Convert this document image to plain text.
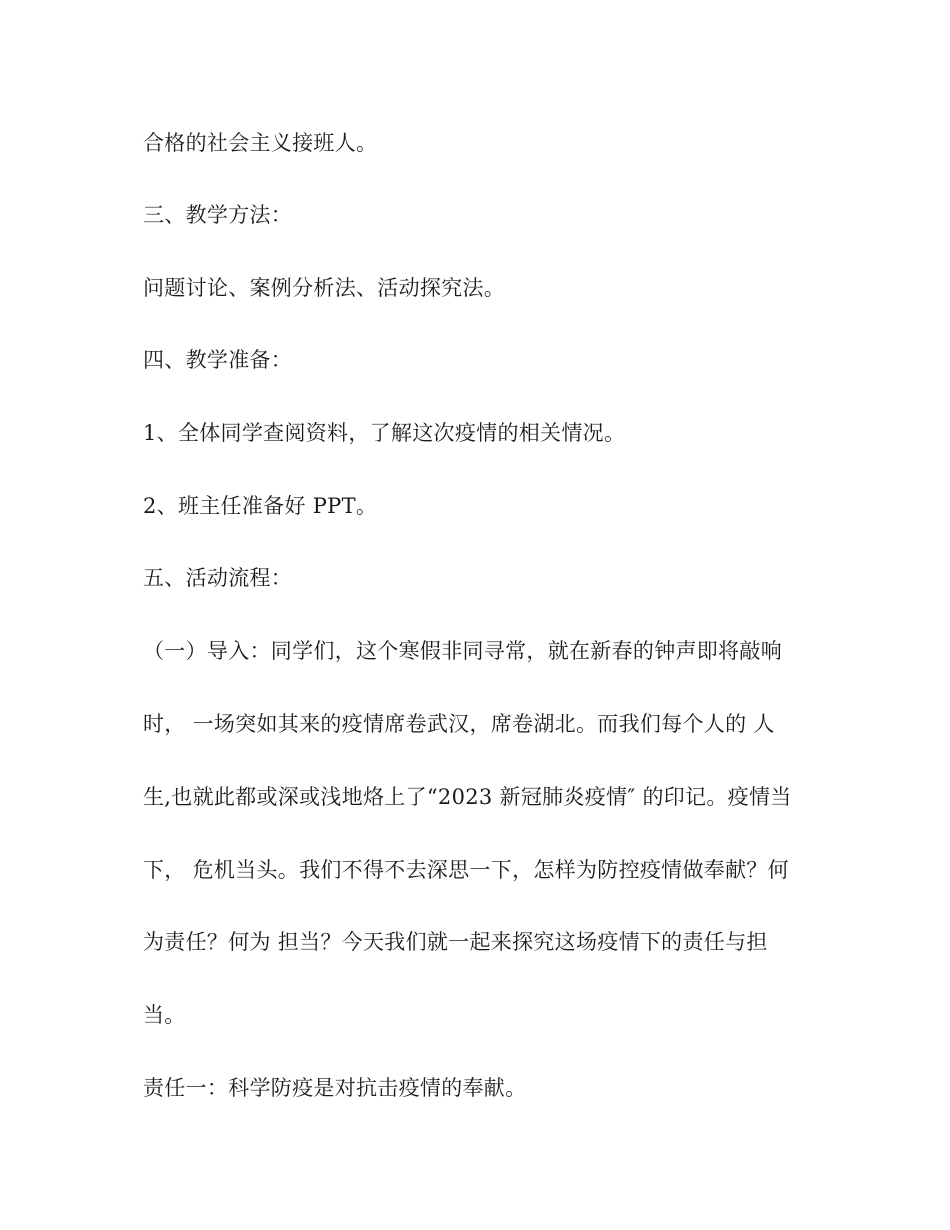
合格的社会主义接班人。
三、教学方法：
问题讨论、案例分析法、活动探究法。
四、教学准备：
1、全体同学查阅资料，了解这次疫情的相关情况。
2、班主任准备好 PPT。
五、活动流程：
（一）导入：同学们，这个寒假非同寻常，就在新春的钟声即将敲响
时， 一场突如其来的疫情席卷武汉，席卷湖北。而我们每个人的 人
生,也就此都或深或浅地烙上了“2023 新冠肺炎疫情″ 的印记。疫情当
下， 危机当头。我们不得不去深思一下，怎样为防控疫情做奉献？何
为责任？何为 担当？今天我们就一起来探究这场疫情下的责任与担
当。
责任一：科学防疫是对抗击疫情的奉献。
